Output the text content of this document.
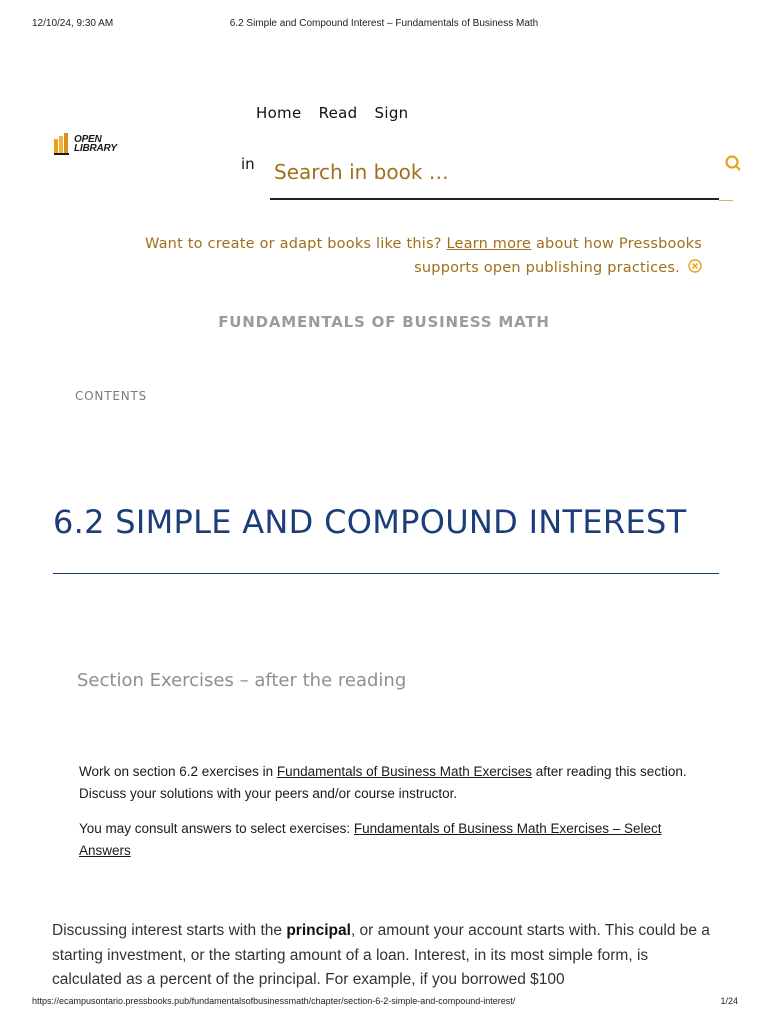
12/10/24, 9:30 AM	6.2 Simple and Compound Interest – Fundamentals of Business Math
Home Read Sign
OPEN
LIBRARY
in
Search in book …
Want to create or adapt books like this? Learn more about how Pressbooks supports open publishing practices.
FUNDAMENTALS OF BUSINESS MATH
CONTENTS
6.2 SIMPLE AND COMPOUND INTEREST
Section Exercises – after the reading
Work on section 6.2 exercises in Fundamentals of Business Math Exercises after reading this section. Discuss your solutions with your peers and/or course instructor.
You may consult answers to select exercises: Fundamentals of Business Math Exercises – Select Answers
Discussing interest starts with the principal, or amount your account starts with. This could be a starting investment, or the starting amount of a loan. Interest, in its most simple form, is calculated as a percent of the principal. For example, if you borrowed $100
https://ecampusontario.pressbooks.pub/fundamentalsofbusinessmath/chapter/section-6-2-simple-and-compound-interest/	1/24
